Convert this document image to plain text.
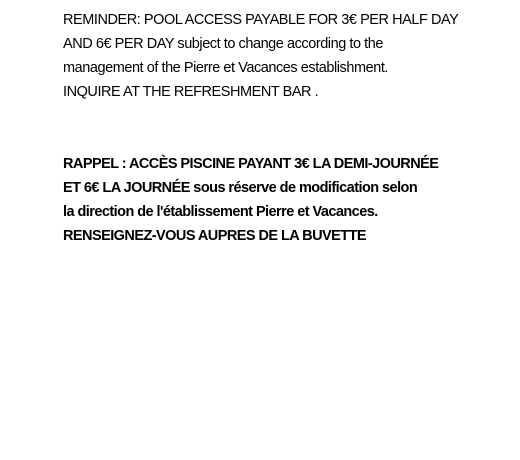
REMINDER: POOL ACCESS PAYABLE FOR 3€ PER HALF DAY
AND 6€ PER DAY subject to change according to the
management of the Pierre et Vacances establishment.
INQUIRE AT THE REFRESHMENT BAR .
RAPPEL : ACCÈS PISCINE PAYANT 3€ LA DEMI-JOURNÉE
ET 6€ LA JOURNÉE sous réserve de modification selon
la direction de l'établissement Pierre et Vacances.
RENSEIGNEZ-VOUS AUPRES DE LA BUVETTE
